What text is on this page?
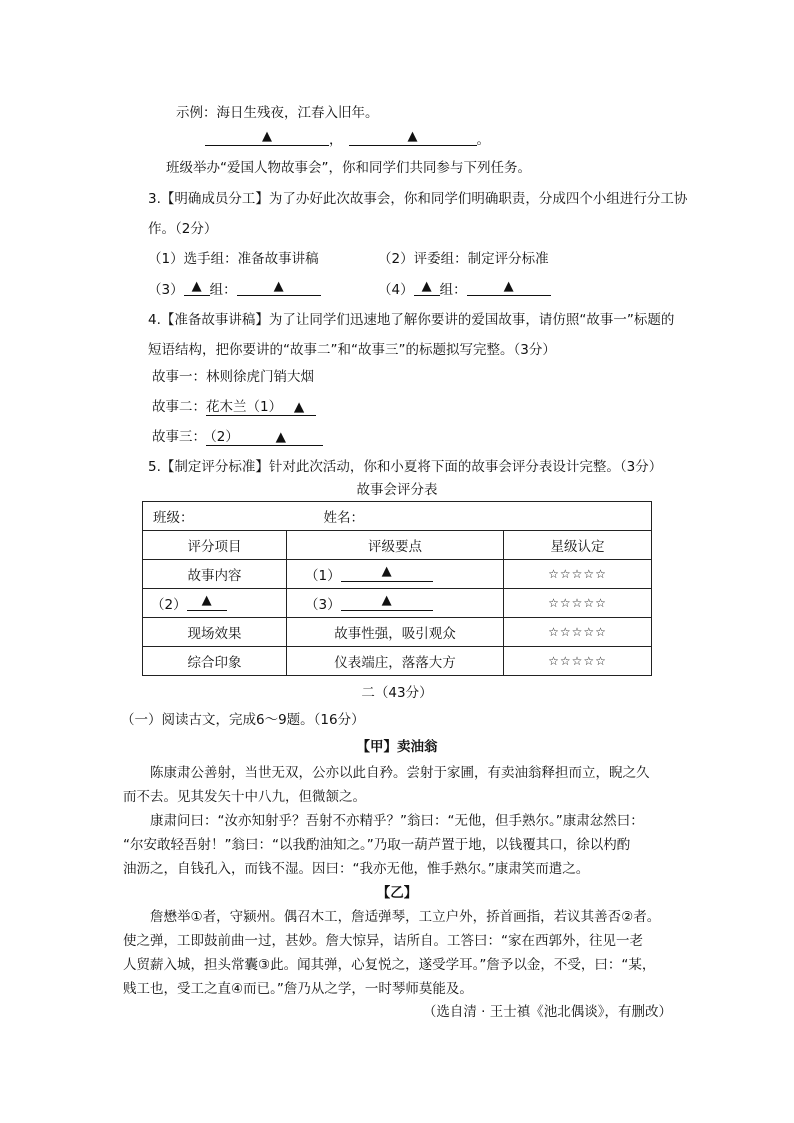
示例：海日生残夜，江春入旧年。
▲	，	▲	。
班级举办“爱国人物故事会”，你和同学们共同参与下列任务。
3.【明确成员分工】为了办好此次故事会，你和同学们明确职责，分成四个小组进行分工协
作。（2分）
（1）选手组：准备故事讲稿	（2）评委组：制定评分标准
（3） ▲ 组：	▲	（4） ▲ 组：	▲
4.【准备故事讲稿】为了让同学们迅速地了解你要讲的爱国故事，请仿照“故事一”标题的
短语结构，把你要讲的“故事二”和“故事三”的标题拟写完整。（3分）
故事一：林则徐虎门销大烟
故事二：花木兰（1） ▲
故事三： （2）	▲
5.【制定评分标准】针对此次活动，你和小夏将下面的故事会评分表设计完整。（3分）
故事会评分表
班级： 姓名：		
评分项目	评级要点	星级认定
故事内容	（1） ▲	☆☆☆☆☆
（2） ▲	（3） ▲	☆☆☆☆☆
现场效果	故事性强，吸引观众	☆☆☆☆☆
综合印象	仪表端庄，落落大方	☆☆☆☆☆
二（43分）
（一）阅读古文，完成6～9题。（16分）
【甲】卖油翁
陈康肃公善射，当世无双，公亦以此自矜。尝射于家圃，有卖油翁释担而立，睨之久
而不去。见其发矢十中八九，但微颔之。
康肃问曰：“汝亦知射乎？吾射不亦精乎？”翁曰：“无他，但手熟尔。”康肃忿然曰：
“尔安敢轻吾射！”翁曰：“以我酌油知之。”乃取一葫芦置于地，以钱覆其口，徐以杓酌
油沥之，自钱孔入，而钱不湿。因曰：“我亦无他，惟手熟尔。”康肃笑而遣之。
【乙】
詹懋举①者，守颍州。偶召木工，詹适弹琴，工立户外，挢首画指，若议其善否②者。
使之弹，工即鼓前曲一过，甚妙。詹大惊异，诘所自。工答曰：“家在西郭外，往见一老
人贸薪入城，担头常囊③此。闻其弹，心复悦之，遂受学耳。”詹予以金，不受，曰：“某，
贱工也，受工之直④而已。”詹乃从之学，一时琴师莫能及。
（选自清 · 王士禛《池北偶谈》，有删改）
